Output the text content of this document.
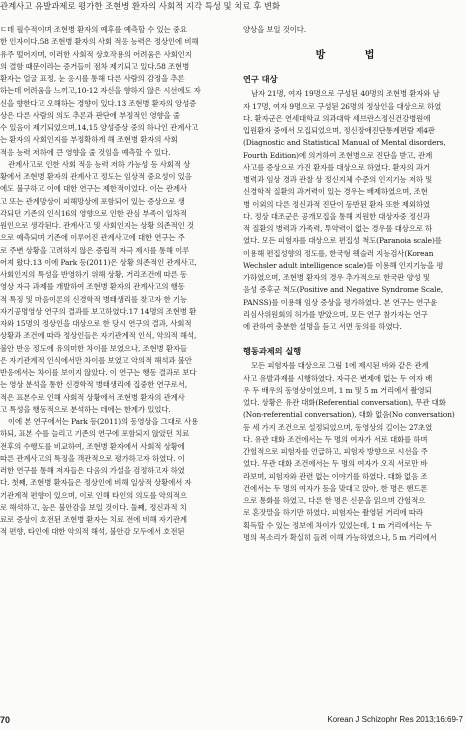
관계사고 유발과제로 평가한 조현병 환자의 사회적 지각 특성 및 치료 후 변화

ㄷ데 필수적이며 조현병 환자의 예후를 예측할 수 있는 중요

한 인자이다.58 조현병 환자의 사회 적응 능력은 정상인에 비해

유주 떨어지며, 이러한 사회적 상호작용의 어려움은 사회인지

의 결함 때문이라는 증거들이 점차 제기되고 있다.58 조현병

환자는 얼굴 표정, 눈 응시를 통해 다른 사람의 감정을 추론

하는데 어려움을 느끼고,10-12 자신을 향하지 않은 시선에도 자

신을 향한다고 오해하는 경향이 있다.13 조현병 환자의 앙성증

상은 다른 사람의 의도 추론과 판단에 부정적인 영향을 줄

수 있음이 제기되었으며,14,15 양성증상 중의 하나인 관계사고

는 환자의 사회인지를 부정확하게 해 조현병 환자의 사회

적응 능력 저하에 큰 영향을 줄 것임을 예측할 수 있다.

관계사고로 인한 사회 적응 능력 저하 가능성 등 사회적 상

황에서 조현병 환자의 관계사고 정도는 임상적 중요성이 있음

에도 불구하고 이에 대한 연구는 제한적이었다. 이는 관계사

고 또는 관계망상이 피해망상에 포함되어 있는 증상으로 생

각되던 기존의 인식16의 영향으로 인한 관심 부족이 일차적

원인으로 생각된다. 관계사고 및 사회인지는 상황 의존적인 것

으로 예측되며 기존에 이루어진 관계사고에 대한 연구는 주

로 주변 상황을 고려하지 않은 증립적 자극 제시를 통해 이루

어져 왔다.13 이에 Park 등(2011)은 상황 의존적인 관계사고,

사회인지의 특성을 반영하기 위해 상황, 거리조건에 따른 동

영상 자극 과제를 개발하여 조현병 환자의 관계사고의 행동

적 특징 및 마음이론의 신경학적 병태생리를 찾고자 한 기능

자기공명영상 연구의 결과를 보고하였다.17 14명의 조현병 환

자와 15명의 정상인을 대상으로 한 당시 연구의 결과, 사회적

상황과 조건에 따라 정상인들은 자기관계적 인식, 악의적 해석,

불안 반응 정도에 유의미한 차이를 보였으나, 조현병 환자들

은 자기관계적 인식에서만 차이를 보였고 악의적 해석과 불안

반응에서는 차이를 보이지 않았다. 이 연구는 행동 결과로 보다

는 영상 분석을 통한 신경학적 병태생리에 집중한 연구로서,

적은 표본수로 인해 사회적 상황에서 조현병 환자의 관계사

고 특성을 행동적으로 분석하는 데에는 한계가 있었다.

이에 본 연구에서는 Park 등(2011)의 동영상을 그대로 사용

하되, 표본 수를 늘리고 기존의 연구에 포함되지 않았던 치료

전후의 수행도를 비교하여, 조현병 환자에서 사회적 상황에

따른 관계사고의 특징을 객관적으로 평가하고자 하였다. 이

러한 연구를 통해 저자들은 다음의 가설을 검정하고자 하였

다. 첫째, 조현병 환자들은 정상인에 비해 일상적 상황에서 자

기관계적 편향이 있으며, 이로 인해 타인의 의도를 악의적으

로 해석하고, 높은 불안감을 보일 것이다. 둘째, 정신과적 치

료로 증상이 호전된 조현병 환자는 치료 전에 비해 자기관계

적 편향, 타인에 대한 악의적 해석, 불안감 모두에서 호전된

양상을 보일 것이다.

방 법
연구 대상

남자 21명, 여자 19명으로 구성된 40명의 조현병 환자와 남

자 17명, 여자 9명으로 구성된 26명의 정상인을 대상으로 하였

다. 환자군은 연세대학교 의과대학 세브란스정신건강병원에

입원환자 중에서 모집되었으며, 정신장애진단통계편람 제4판

(Diagnostic and Statistical Manual of Mental disorders,

Fourth Edition)에 의거하여 조현병으로 진단을 받고, 관계

사고를 증상으로 가진 환자를 대상으로 하였다. 환자의 과거

병력과 임상 경과 관찰 상 정신지체 수준의 인지기능 저하 및

신경학적 질환의 과거력이 있는 경우는 배제하였으며, 조현

병 이외의 다른 정신과적 진단이 동반된 환자 또한 제외하였

다. 정상 대조군은 공개모집을 통해 지원한 대상자중 정신과

적 질환의 병력과 가족력, 투약력이 없는 경우를 대상으로 하

였다. 모든 피험자를 대상으로 편집성 척도(Paranoia scale)를

이용해 편집성향의 정도를, 한국형 웩슬러 지능검사(Korean

Wechsler adult intelligence scale)를 이용해 인지기능을 평

가하였으며, 조현병 환자의 경우 추가적으로 한국판 양성 및

음성 증후군 척도(Positive and Negative Syndrome Scale,

PANSS)를 이용해 임상 증상을 평가하였다. 본 연구는 연구윤

리심사위원회의 허가를 받았으며, 모든 연구 참가자는 연구

에 관하여 충분한 설명을 듣고 서면 동의를 하였다.

행동과제의 실행

모든 피험자를 대상으로 그림 1에 제시된 바와 같은 관계

사고 유발과제를 시행하였다. 자극은 변제에 없는 두 여자 배

우 두 배우의 동영상이였으며, 1 m 및 5 m 거리에서 촬영되

었다. 상황은 유관 대화(Referential conversation), 무관 대화

(Non-referential conversation), 대화 없음(No conversation)

등 세 가지 조건으로 설정되었으며, 동영상의 길이는 27초였

다. 유관 대화 조건에서는 두 명의 여자가 서로 대화를 하며

간헐적으로 피험자를 언급하고, 피험자 방향으로 시선을 주

었다. 무관 대화 조건에서는 두 명의 여자가 오직 서로만 바

라보며, 피험자와 관련 없는 이야기를 하였다. 대화 없음 조

건에서는 두 명의 여자가 등을 맞대고 앉아, 한 명은 핸드폰

으로 통화를 하였고, 다른 한 명은 신문을 읽으며 간헐적으

로 혼잣말을 하기만 하였다. 피험자는 촬영된 거리에 따라

획득할 수 있는 정보에 차이가 있었는데, 1 m 거리에서는 두

명의 목소리가 확실히 들려 이해 가능하였으나, 5 m 거리에서

70	Korean J Schizophr Res 2013;16:69-7
